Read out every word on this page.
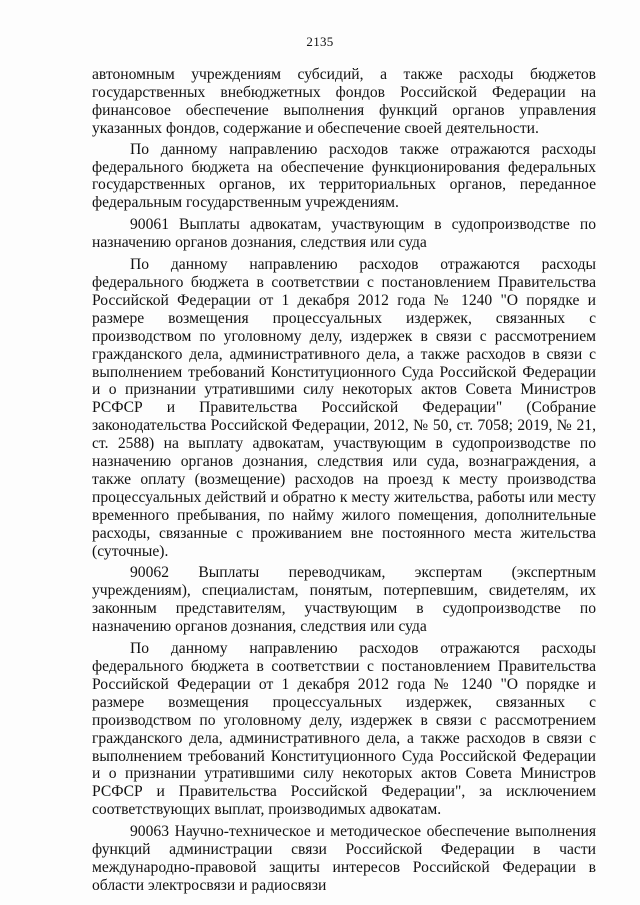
2135

автономным учреждениям субсидий, а также расходы бюджетов государственных внебюджетных фондов Российской Федерации на финансовое обеспечение выполнения функций органов управления указанных фондов, содержание и обеспечение своей деятельности.

По данному направлению расходов также отражаются расходы федерального бюджета на обеспечение функционирования федеральных государственных органов, их территориальных органов, переданное федеральным государственным учреждениям.

90061 Выплаты адвокатам, участвующим в судопроизводстве по назначению органов дознания, следствия или суда

По данному направлению расходов отражаются расходы федерального бюджета в соответствии с постановлением Правительства Российской Федерации от 1 декабря 2012 года № 1240 "О порядке и размере возмещения процессуальных издержек, связанных с производством по уголовному делу, издержек в связи с рассмотрением гражданского дела, административного дела, а также расходов в связи с выполнением требований Конституционного Суда Российской Федерации и о признании утратившими силу некоторых актов Совета Министров РСФСР и Правительства Российской Федерации" (Собрание законодательства Российской Федерации, 2012, № 50, ст. 7058; 2019, № 21, ст. 2588) на выплату адвокатам, участвующим в судопроизводстве по назначению органов дознания, следствия или суда, вознаграждения, а также оплату (возмещение) расходов на проезд к месту производства процессуальных действий и обратно к месту жительства, работы или месту временного пребывания, по найму жилого помещения, дополнительные расходы, связанные с проживанием вне постоянного места жительства (суточные).

90062 Выплаты переводчикам, экспертам (экспертным учреждениям), специалистам, понятым, потерпевшим, свидетелям, их законным представителям, участвующим в судопроизводстве по назначению органов дознания, следствия или суда

По данному направлению расходов отражаются расходы федерального бюджета в соответствии с постановлением Правительства Российской Федерации от 1 декабря 2012 года № 1240 "О порядке и размере возмещения процессуальных издержек, связанных с производством по уголовному делу, издержек в связи с рассмотрением гражданского дела, административного дела, а также расходов в связи с выполнением требований Конституционного Суда Российской Федерации и о признании утратившими силу некоторых актов Совета Министров РСФСР и Правительства Российской Федерации", за исключением соответствующих выплат, производимых адвокатам.

90063 Научно-техническое и методическое обеспечение выполнения функций администрации связи Российской Федерации в части международно-правовой защиты интересов Российской Федерации в области электросвязи и радиосвязи
